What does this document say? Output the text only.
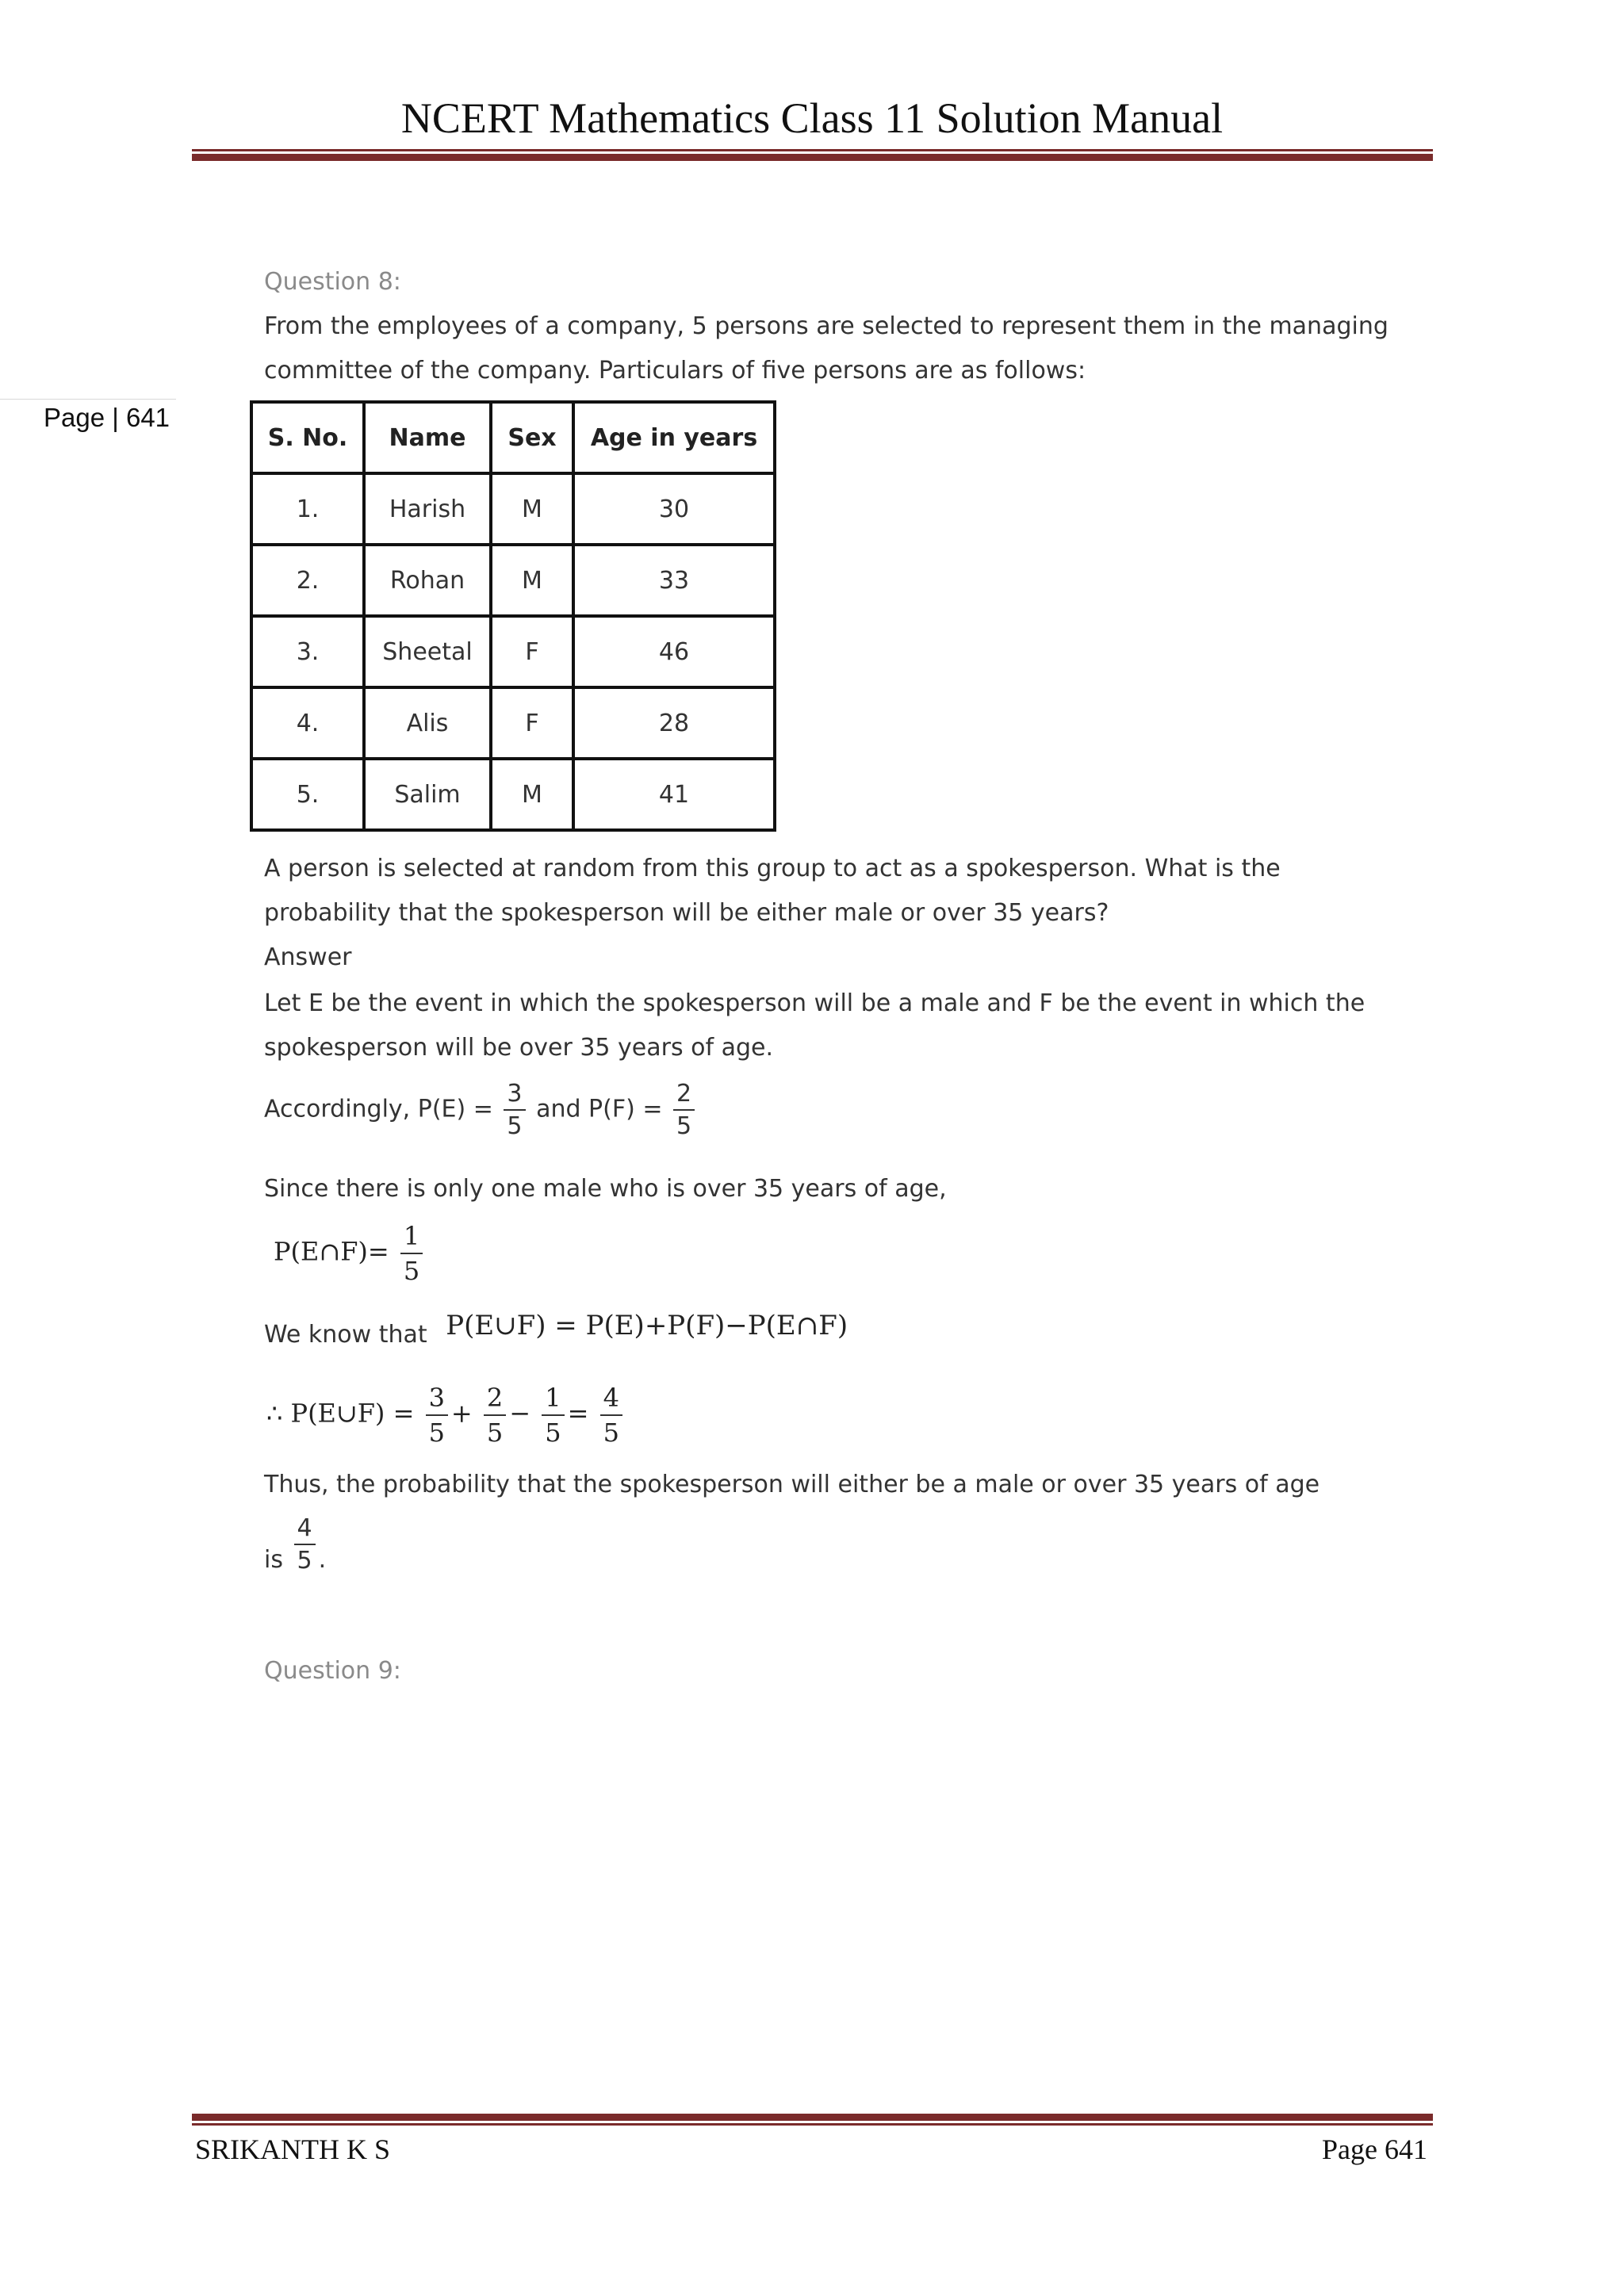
NCERT Mathematics Class 11 Solution Manual
Page | 641
Question 8:
From the employees of a company, 5 persons are selected to represent them in the managing committee of the company. Particulars of five persons are as follows:
S. No.	Name	Sex	Age in years
1.	Harish	M	30
2.	Rohan	M	33
3.	Sheetal	F	46
4.	Alis	F	28
5.	Salim	M	41
A person is selected at random from this group to act as a spokesperson. What is the probability that the spokesperson will be either male or over 35 years?
Answer
Let E be the event in which the spokesperson will be a male and F be the event in which the spokesperson will be over 35 years of age.
Accordingly, $P(E) = \frac{3}{5}$ and $P(F) = \frac{2}{5}$
Since there is only one male who is over 35 years of age,
P(E∩F)= $\frac{1}{5}$
We know that P(E∪F) = P(E)+P(F)−P(E∩F)
∴ P(E∪F) = $\frac{3}{5} + \frac{2}{5} - \frac{1}{5} = \frac{4}{5}$
Thus, the probability that the spokesperson will either be a male or over 35 years of age
is $\frac{4}{5}$ .
Question 9:
SRIKANTH K S	Page 641
